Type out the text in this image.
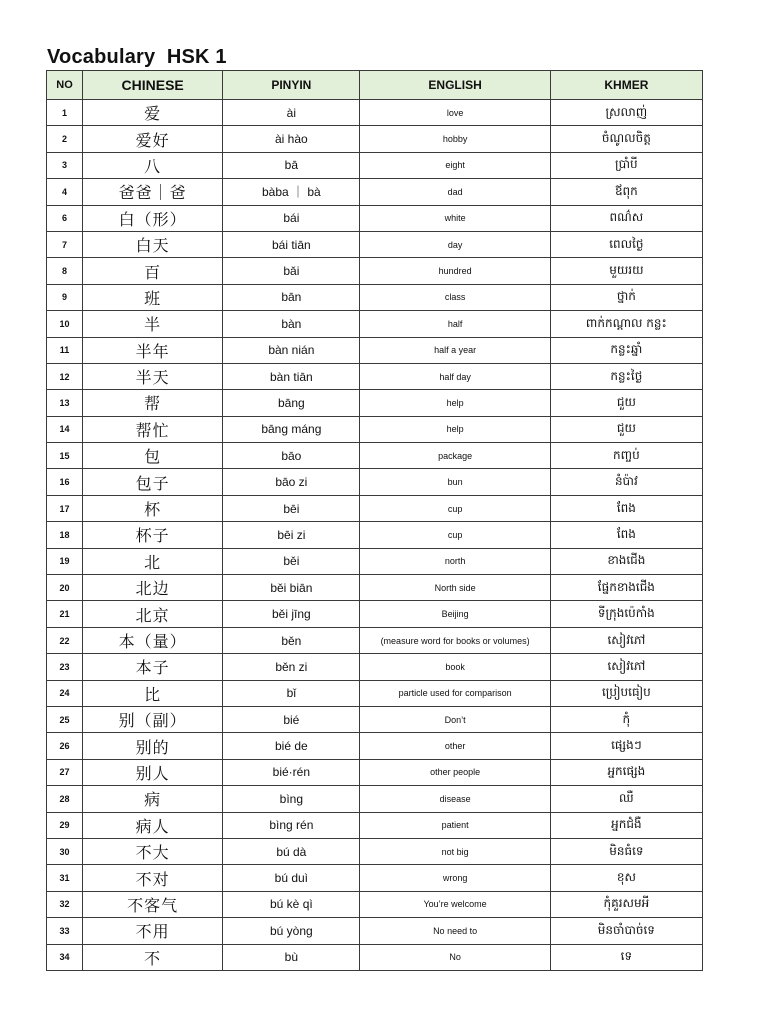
Vocabulary  HSK 1
NO	CHINESE	PINYIN	ENGLISH	KHMER
1	爱	ài	love	ស្រលាញ់
2	爱好	ài hào	hobby	ចំណូលចិត្ត
3	八	bā	eight	ប្រាំបី
4	爸爸｜爸	bàba ｜ bà	dad	ឪពុក
6	白（形）	bái	white	ពណ៌ស
7	白天	bái tiān	day	ពេលថ្ងៃ
8	百	bǎi	hundred	មួយរយ
9	班	bān	class	ថ្នាក់
10	半	bàn	half	ពាក់កណ្ដាល កន្លះ
11	半年	bàn nián	half a year	កន្លះឆ្នាំ
12	半天	bàn tiān	half day	កន្លះថ្ងៃ
13	帮	bāng	help	ជួយ
14	帮忙	bāng máng	help	ជួយ
15	包	bāo	package	កញ្ចប់
16	包子	bāo zi	bun	នំប៉ាវ
17	杯	bēi	cup	ពែង
18	杯子	bēi zi	cup	ពែង
19	北	běi	north	ខាងជើង
20	北边	běi biān	North side	ផ្នែកខាងជើង
21	北京	běi jīng	Beijing	ទីក្រុងប៉េកាំង
22	本（量）	běn	(measure word for books or volumes)	សៀវភៅ
23	本子	běn zi	book	សៀវភៅ
24	比	bǐ	particle used for comparison	ប្រៀបធៀប
25	别（副）	bié	Don’t	កុំ
26	别的	bié de	other	ផ្សេងៗ
27	别人	bié·rén	other people	អ្នកផ្សេង
28	病	bìng	disease	ឈឺ
29	病人	bìng rén	patient	អ្នកជំងឺ
30	不大	bú dà	not big	មិនធំទេ
31	不对	bú duì	wrong	ខុស
32	不客气	bú kè qì	You’re welcome	កុំគួរសមអី
33	不用	bú yòng	No need to	មិនចាំបាច់ទេ
34	不	bù	No	ទេ
